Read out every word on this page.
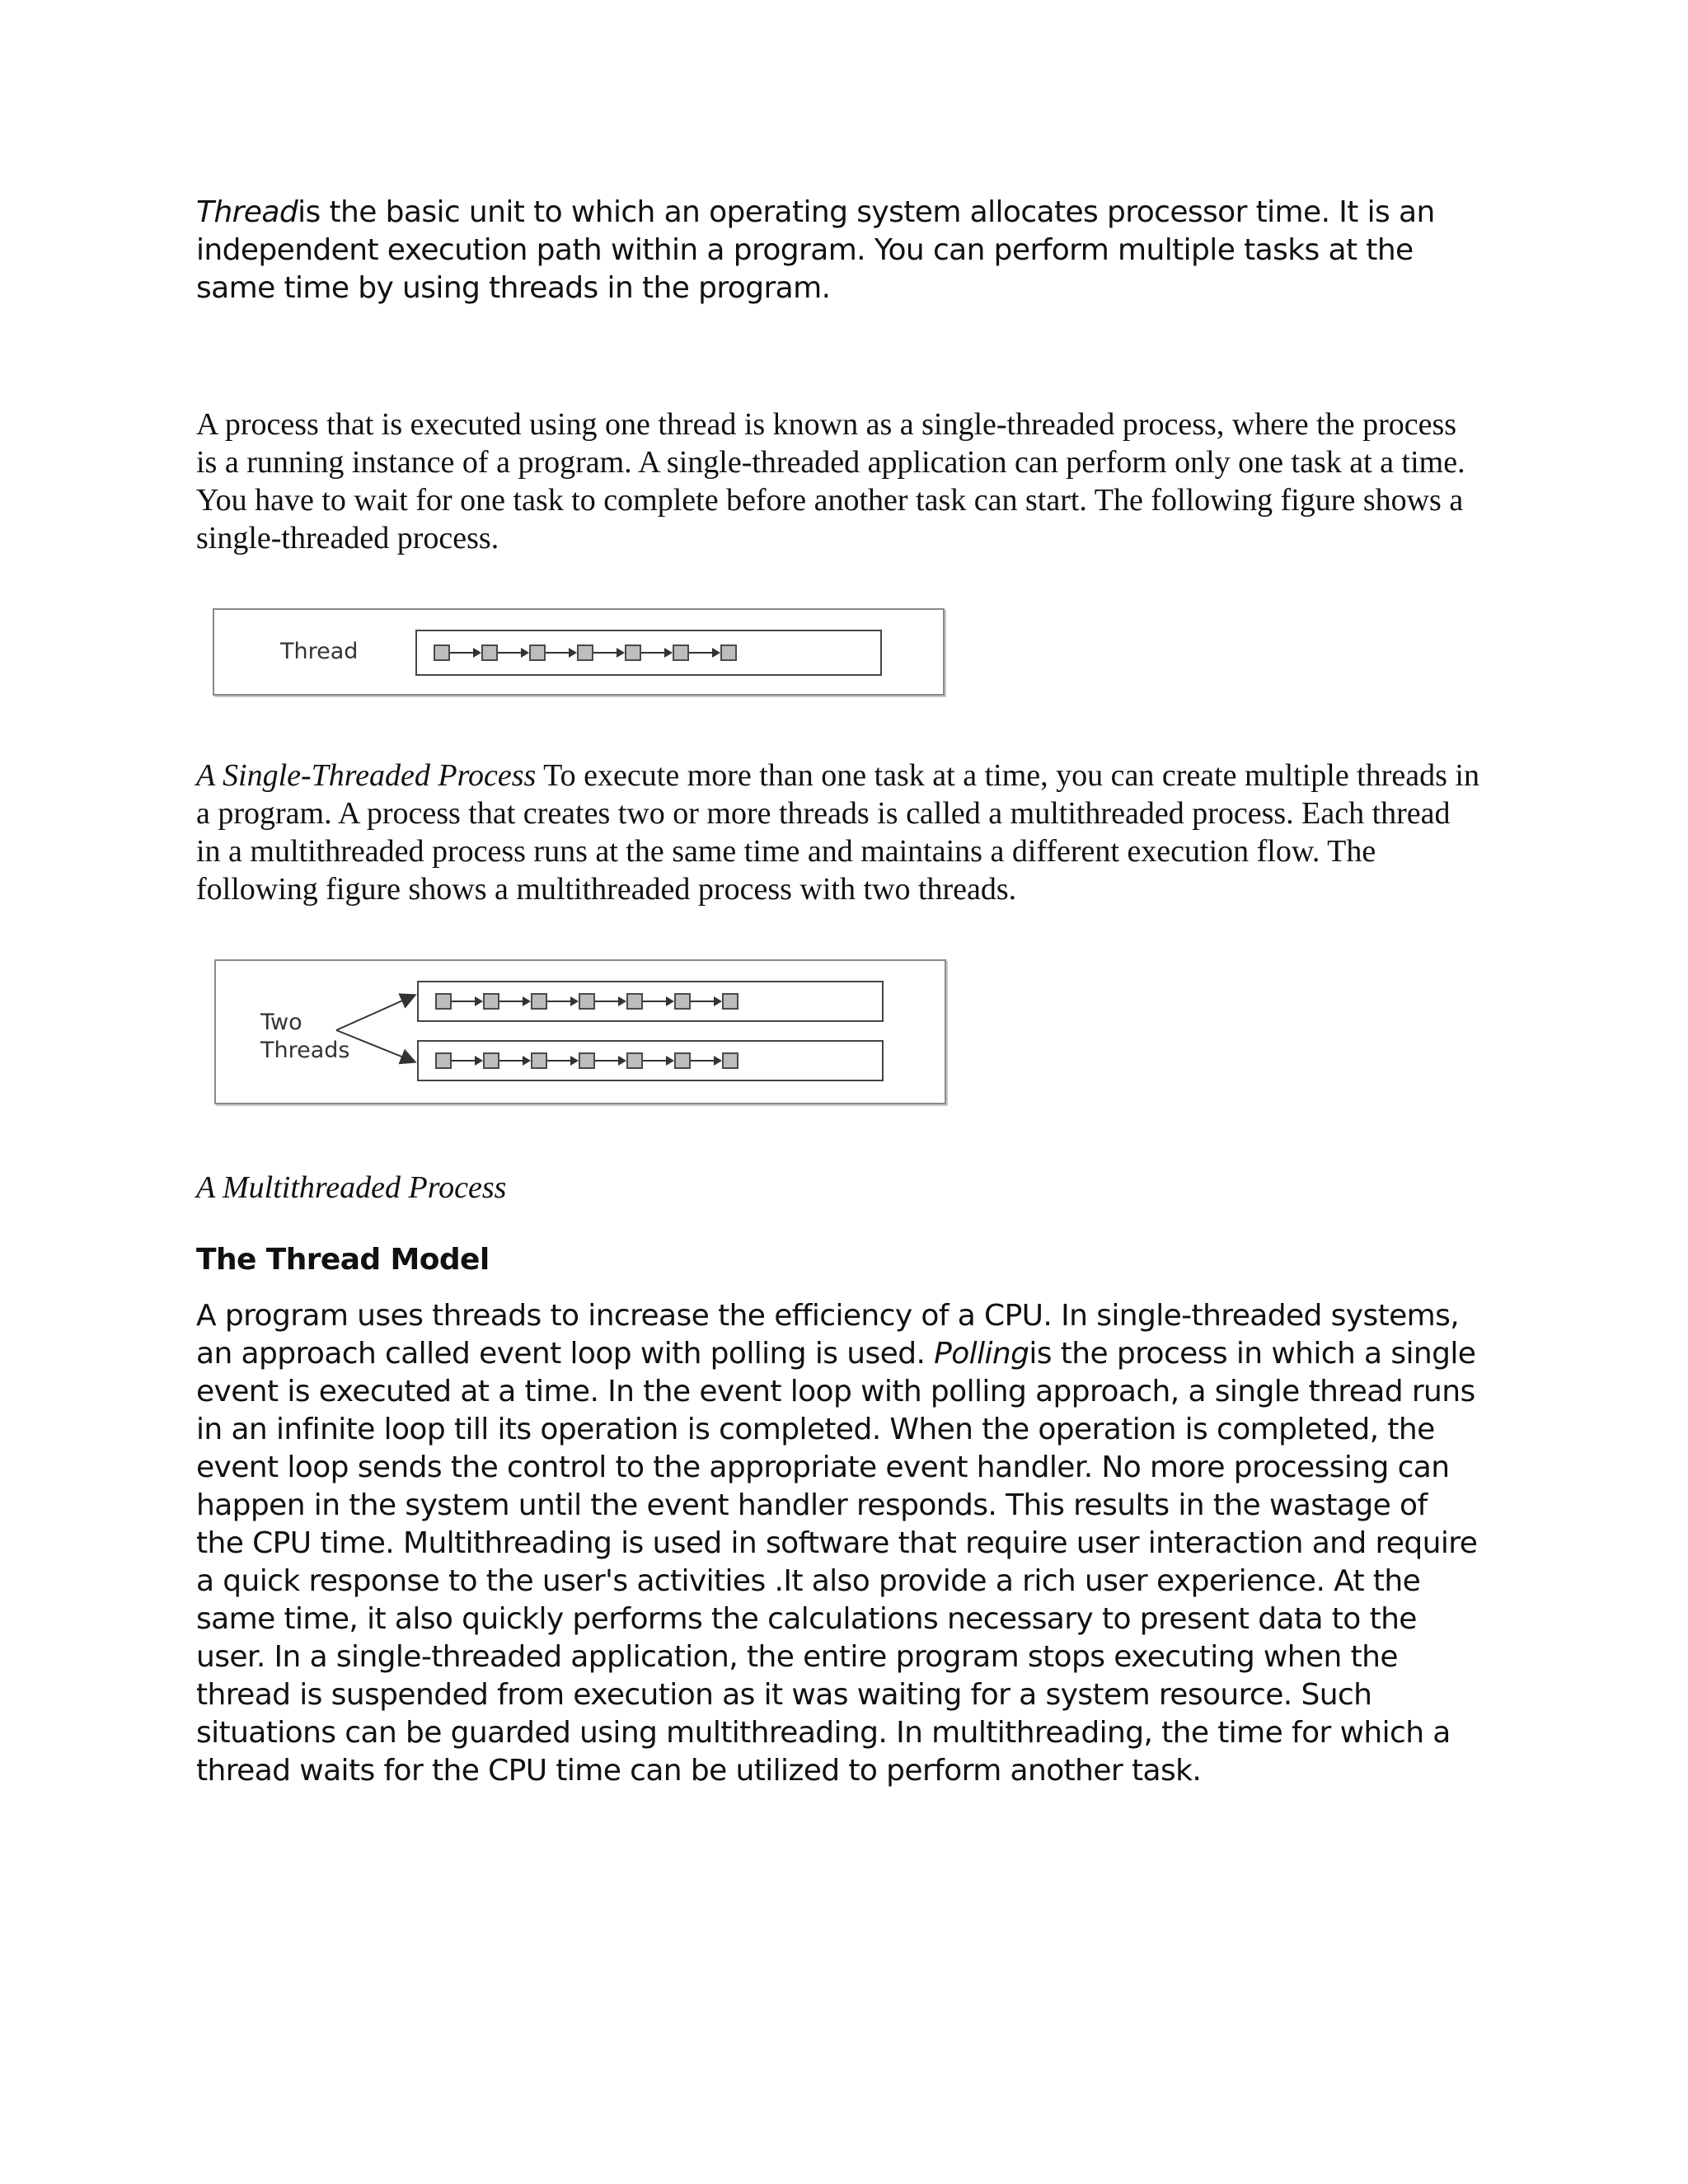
Threadis the basic unit to which an operating system allocates processor time. It is an independent execution path within a program. You can perform multiple tasks at the same time by using threads in the program.

A process that is executed using one thread is known as a single-threaded process, where the process is a running instance of a program. A single-threaded application can perform only one task at a time. You have to wait for one task to complete before another task can start. The following figure shows a single-threaded process.

Thread

A Single-Threaded Process To execute more than one task at a time, you can create multiple threads in a program. A process that creates two or more threads is called a multithreaded process. Each thread in a multithreaded process runs at the same time and maintains a different execution flow. The following figure shows a multithreaded process with two threads.

Two
Threads

A Multithreaded Process

The Thread Model

A program uses threads to increase the efficiency of a CPU. In single-threaded systems, an approach called event loop with polling is used. Pollingis the process in which a single event is executed at a time. In the event loop with polling approach, a single thread runs in an infinite loop till its operation is completed. When the operation is completed, the event loop sends the control to the appropriate event handler. No more processing can happen in the system until the event handler responds. This results in the wastage of the CPU time. Multithreading is used in software that require user interaction and require a quick response to the user's activities .It also provide a rich user experience. At the same time, it also quickly performs the calculations necessary to present data to the user. In a single-threaded application, the entire program stops executing when the thread is suspended from execution as it was waiting for a system resource. Such situations can be guarded using multithreading. In multithreading, the time for which a thread waits for the CPU time can be utilized to perform another task.
